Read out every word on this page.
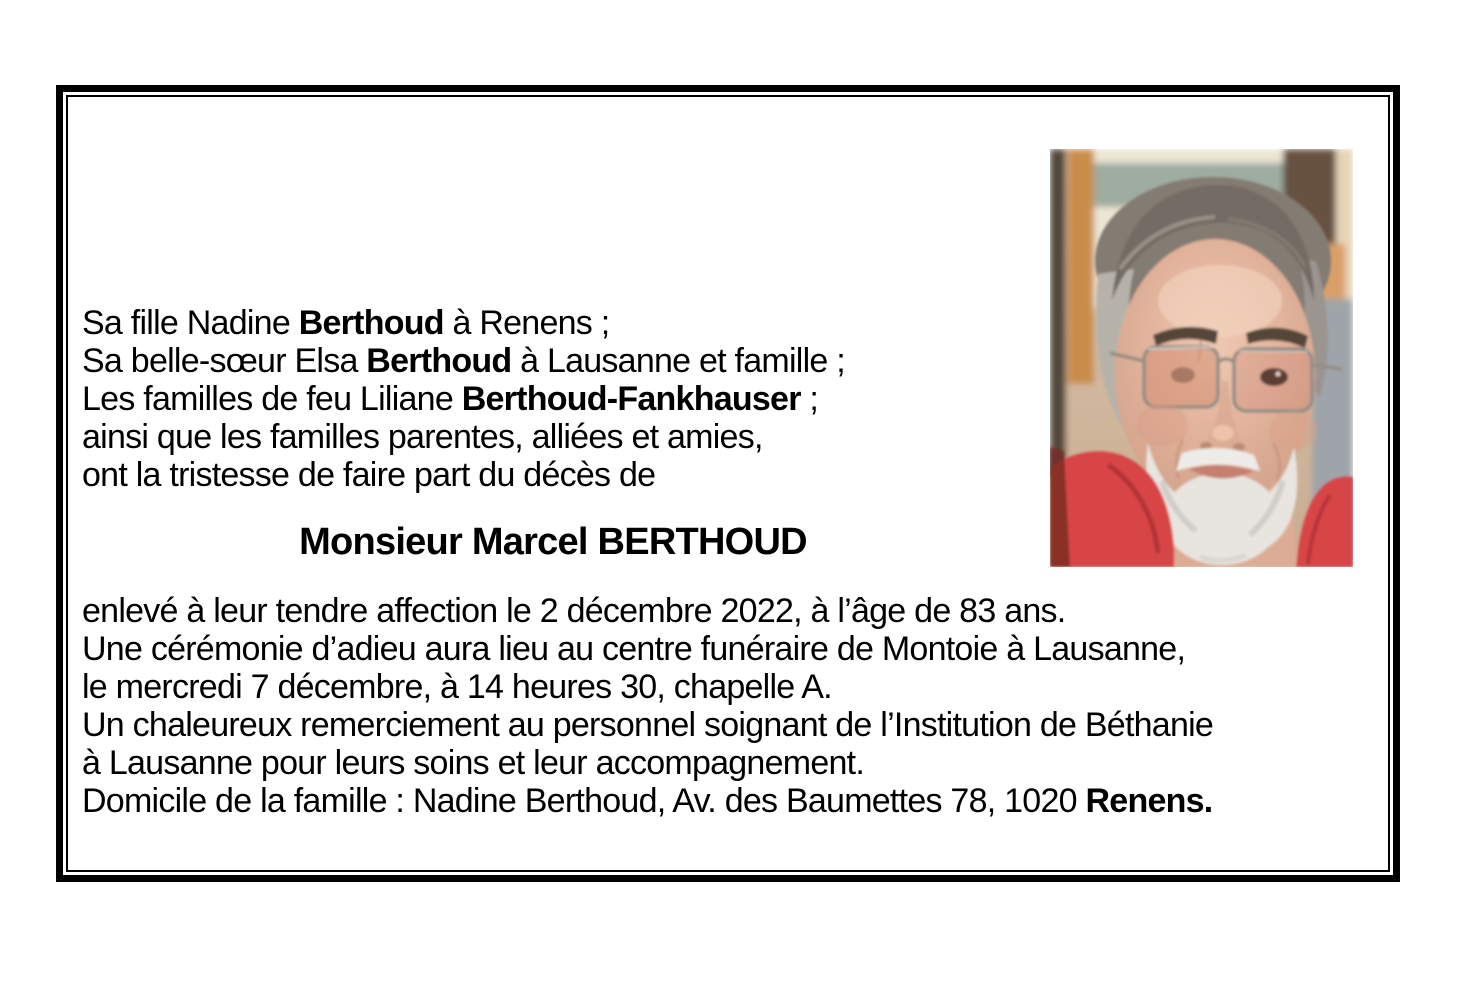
Sa fille Nadine Berthoud à Renens ;
Sa belle-sœur Elsa Berthoud à Lausanne et famille ;
Les familles de feu Liliane Berthoud-Fankhauser ;
ainsi que les familles parentes, alliées et amies,
ont la tristesse de faire part du décès de
Monsieur Marcel BERTHOUD
enlevé à leur tendre affection le 2 décembre 2022, à l’âge de 83 ans.
Une cérémonie d’adieu aura lieu au centre funéraire de Montoie à Lausanne,
le mercredi 7 décembre, à 14 heures 30, chapelle A.
Un chaleureux remerciement au personnel soignant de l’Institution de Béthanie
à Lausanne pour leurs soins et leur accompagnement.
Domicile de la famille : Nadine Berthoud, Av. des Baumettes 78, 1020 Renens.
